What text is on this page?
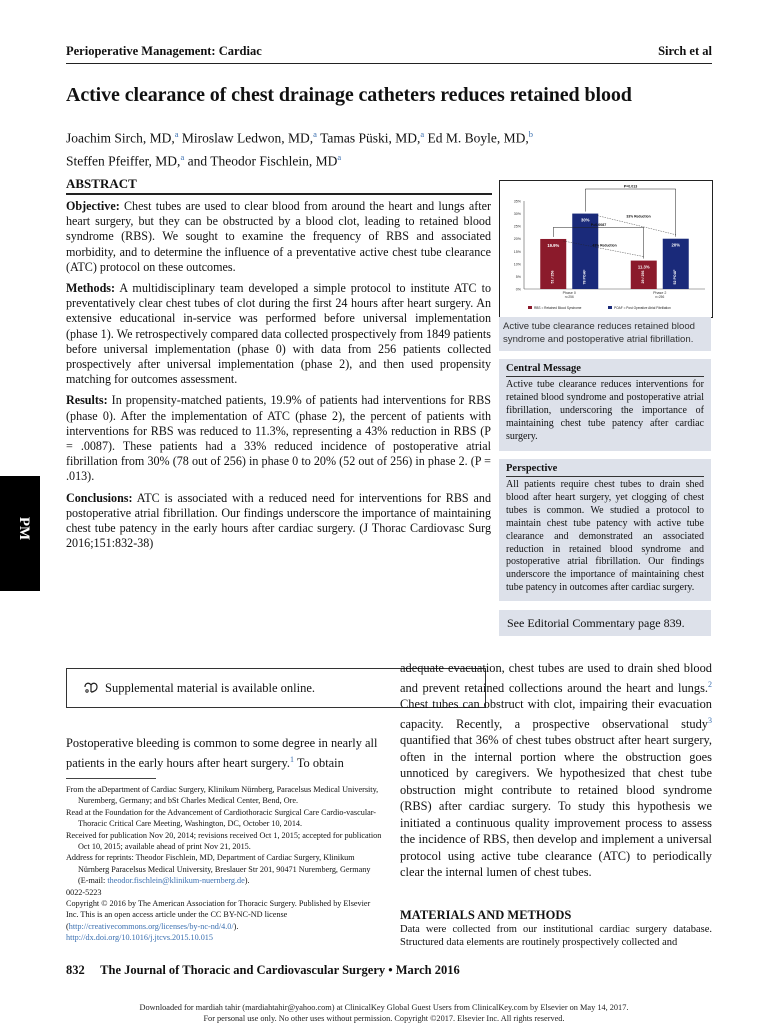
Perioperative Management: Cardiac	Sirch et al
Active clearance of chest drainage catheters reduces retained blood
Joachim Sirch, MD,$^a$ Miroslaw Ledwon, MD,$^a$ Tamas Püski, MD,$^a$ Ed M. Boyle, MD,$^b$
Steffen Pfeiffer, MD,$^a$ and Theodor Fischlein, $MD^a$
ABSTRACT

Objective: Chest tubes are used to clear blood from around the heart and lungs after heart surgery, but they can be obstructed by a blood clot, leading to retained blood syndrome (RBS). We sought to examine the frequency of RBS and associated morbidity, and to determine the influence of a preventative active chest tube clearance (ATC) protocol on these outcomes.

Methods: A multidisciplinary team developed a simple protocol to institute ATC to preventatively clear chest tubes of clot during the first 24 hours after heart surgery. An extensive educational in-service was performed before universal implementation (phase 1). We retrospectively compared data collected prospectively from 1849 patients before universal implementation (phase 0) with data from 256 patients collected prospectively after universal implementation (phase 2), and then used propensity matching for outcomes assessment.

Results: In propensity-matched patients, 19.9% of patients had interventions for RBS (phase 0). After the implementation of ATC (phase 2), the percent of patients with interventions for RBS was reduced to 11.3%, representing a 43% reduction in RBS (P = .0087). These patients had a 33% reduced incidence of postoperative atrial fibrillation from 30% (78 out of 256) in phase 0 to 20% (52 out of 256) in phase 2. (P = .013).

Conclusions: ATC is associated with a reduced need for interventions for RBS and postoperative atrial fibrillation. Our findings underscore the importance of maintaining chest tube patency in the early hours after cardiac surgery. (J Thorac Cardiovasc Surg 2016;151:832-38)

35%
30%
25%
20%
15%
10%
5%
0%
19.9%
51 / 256
30%
78 POAF
Phase 0
n=256
11.3%
29 / 256
20%
52 POAF
Phase 2
n=256
P=0.013
33% Reduction
P=0.0087
43% Reduction
RBS = Retained Blood Syndrome	POAF = Post Operative Atrial Fibrillation
Active tube clearance reduces retained blood syndrome and postoperative atrial fibrillation.
Central Message
Active tube clearance reduces interventions for retained blood syndrome and postoperative atrial fibrillation, underscoring the importance of maintaining chest tube patency after cardiac surgery.
Perspective
All patients require chest tubes to drain shed blood after heart surgery, yet clogging of chest tubes is common. We studied a protocol to maintain chest tube patency with active tube clearance and demonstrated an associated reduction in retained blood syndrome and postoperative atrial fibrillation. Our findings underscore the importance of maintaining chest tube patency in outcomes after cardiac surgery.
See Editorial Commentary page 839.
PM
Supplemental material is available online.
Postoperative bleeding is common to some degree in nearly all patients in the early hours after heart surgery.$^1$ To obtain

From the aDepartment of Cardiac Surgery, Klinikum Nürnberg, Paracelsus Medical University, Nuremberg, Germany; and bSt Charles Medical Center, Bend, Ore.

Read at the Foundation for the Advancement of Cardiothoracic Surgical Care Cardio-vascular-Thoracic Critical Care Meeting, Washington, DC, October 10, 2014.

Received for publication Nov 20, 2014; revisions received Oct 1, 2015; accepted for publication Oct 10, 2015; available ahead of print Nov 21, 2015.

Address for reprints: Theodor Fischlein, MD, Department of Cardiac Surgery, Klinikum Nürnberg Paracelsus Medical University, Breslauer Str 201, 90471 Nuremberg, Germany (E-mail: theodor.fischlein@klinikum-nuernberg.de).

0022-5223

Copyright © 2016 by The American Association for Thoracic Surgery. Published by Elsevier Inc. This is an open access article under the CC BY-NC-ND license (http://creativecommons.org/licenses/by-nc-nd/4.0/).

http://dx.doi.org/10.1016/j.jtcvs.2015.10.015

adequate evacuation, chest tubes are used to drain shed blood and prevent retained collections around the heart and lungs.$^2$ Chest tubes can obstruct with clot, impairing their evacuation capacity. Recently, a prospective observational study$^3$ quantified that 36% of chest tubes obstruct after heart surgery, often in the internal portion where the obstruction goes unnoticed by caregivers. We hypothesized that chest tube obstruction might contribute to retained blood syndrome (RBS) after cardiac surgery. To study this hypothesis we initiated a continuous quality improvement process to assess the incidence of RBS, then develop and implement a universal protocol using active tube clearance (ATC) to periodically clear the internal lumen of chest tubes.
MATERIALS AND METHODS
Data were collected from our institutional cardiac surgery database. Structured data elements are routinely prospectively collected and
832 The Journal of Thoracic and Cardiovascular Surgery • March 2016
Downloaded for mardiah tahir (mardiahtahir@yahoo.com) at ClinicalKey Global Guest Users from ClinicalKey.com by Elsevier on May 14, 2017.
For personal use only. No other uses without permission. Copyright ©2017. Elsevier Inc. All rights reserved.
